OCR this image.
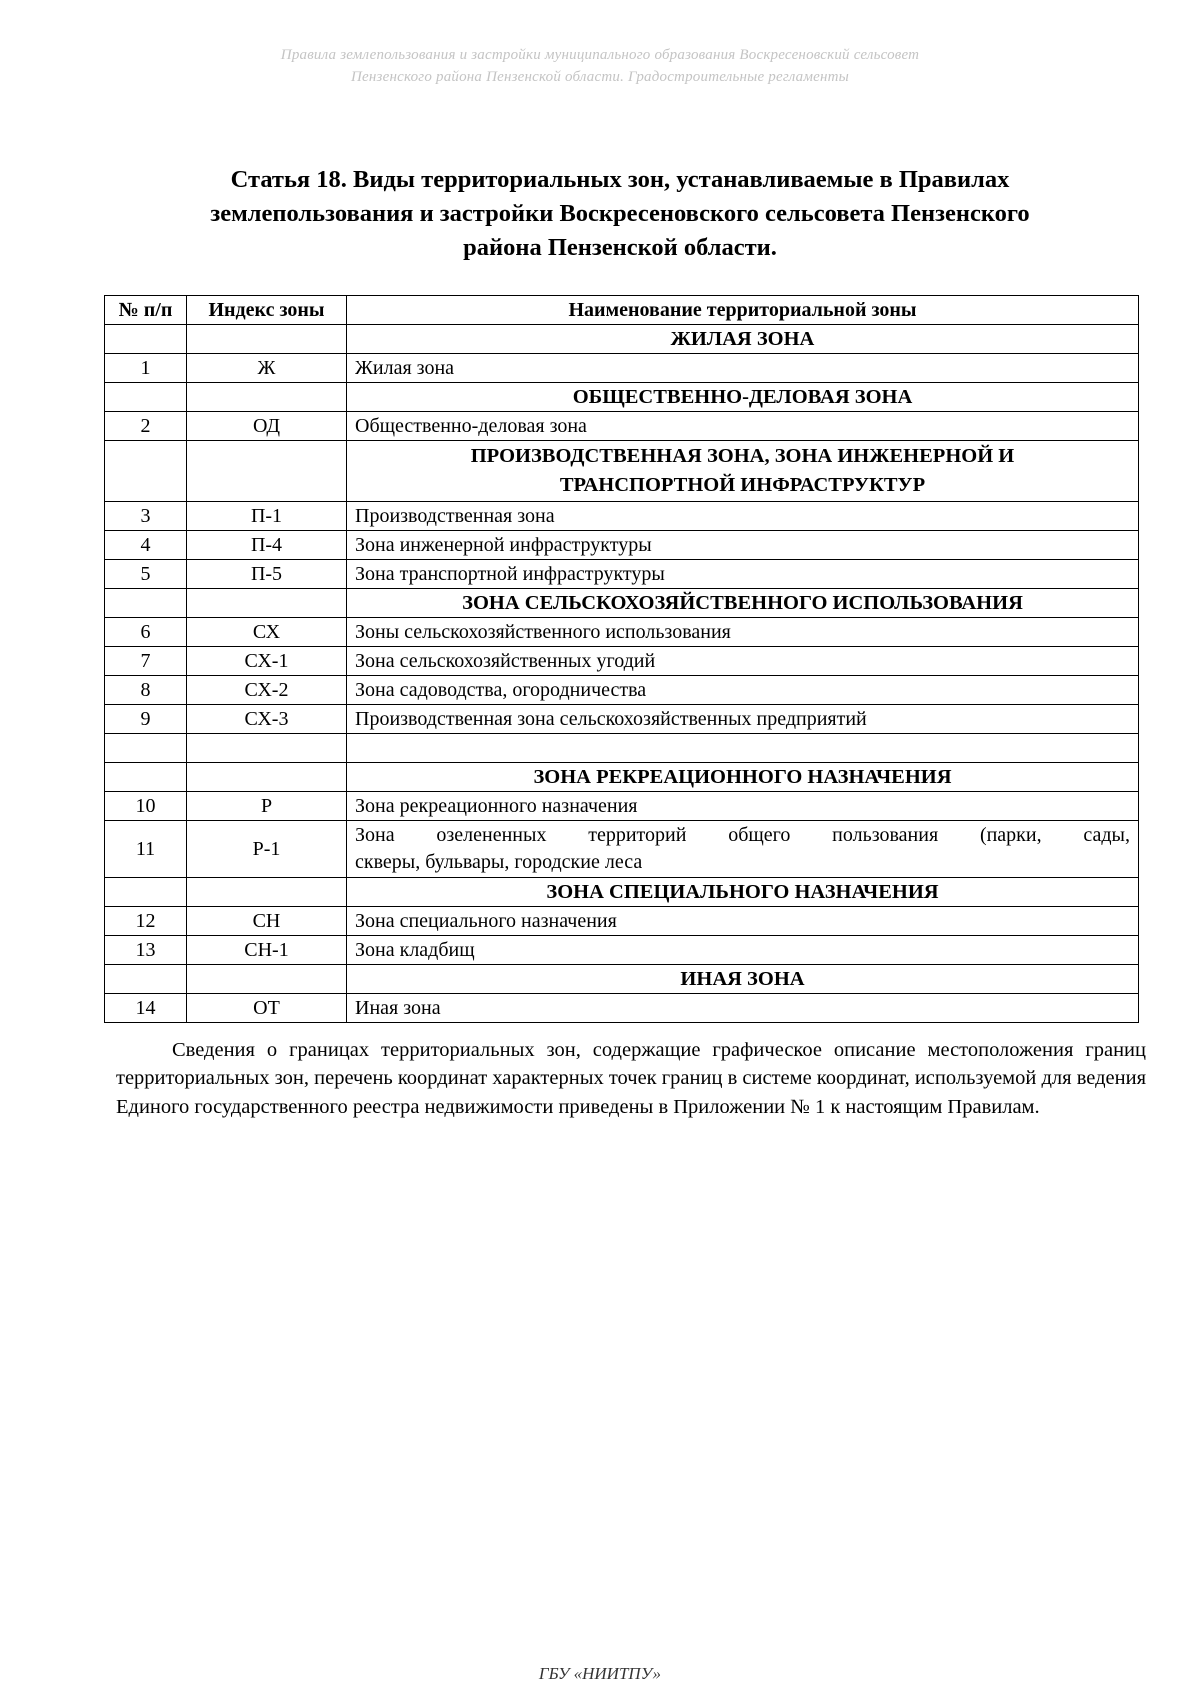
Правила землепользования и застройки муниципального образования Воскресеновский сельсовет
Пензенского района Пензенской области. Градостроительные регламенты
Статья 18. Виды территориальных зон, устанавливаемые в Правилах
землепользования и застройки Воскресеновского сельсовета Пензенского
района Пензенской области.
№ п/п	Индекс зоны	Наименование территориальной зоны
		ЖИЛАЯ ЗОНА
1	Ж	Жилая зона
		ОБЩЕСТВЕННО-ДЕЛОВАЯ ЗОНА
2	ОД	Общественно-деловая зона

		ПРОИЗВОДСТВЕННАЯ ЗОНА, ЗОНА ИНЖЕНЕРНОЙ И
ТРАНСПОРТНОЙ ИНФРАСТРУКТУР

3	П-1	Производственная зона
4	П-4	Зона инженерной инфраструктуры
5	П-5	Зона транспортной инфраструктуры
		ЗОНА СЕЛЬСКОХОЗЯЙСТВЕННОГО ИСПОЛЬЗОВАНИЯ
6	СХ	Зоны сельскохозяйственного использования
7	СХ-1	Зона сельскохозяйственных угодий
8	СХ-2	Зона садоводства, огородничества
9	СХ-3	Производственная зона сельскохозяйственных предприятий

		ЗОНА РЕКРЕАЦИОННОГО НАЗНАЧЕНИЯ
10	Р	Зона рекреационного назначения
11	Р-1	Зона озелененных территорий общего пользования (парки, сады,
скверы, бульвары, городские леса

		ЗОНА СПЕЦИАЛЬНОГО НАЗНАЧЕНИЯ
12	СН	Зона специального назначения
13	СН-1	Зона кладбищ
		ИНАЯ ЗОНА
14	ОТ	Иная зона

Сведения о границах территориальных зон, содержащие графическое описание местоположения границ территориальных зон, перечень координат характерных точек границ в системе координат, используемой для ведения Единого государственного реестра недвижимости приведены в Приложении № 1 к настоящим Правилам.

ГБУ «НИИТПУ»
